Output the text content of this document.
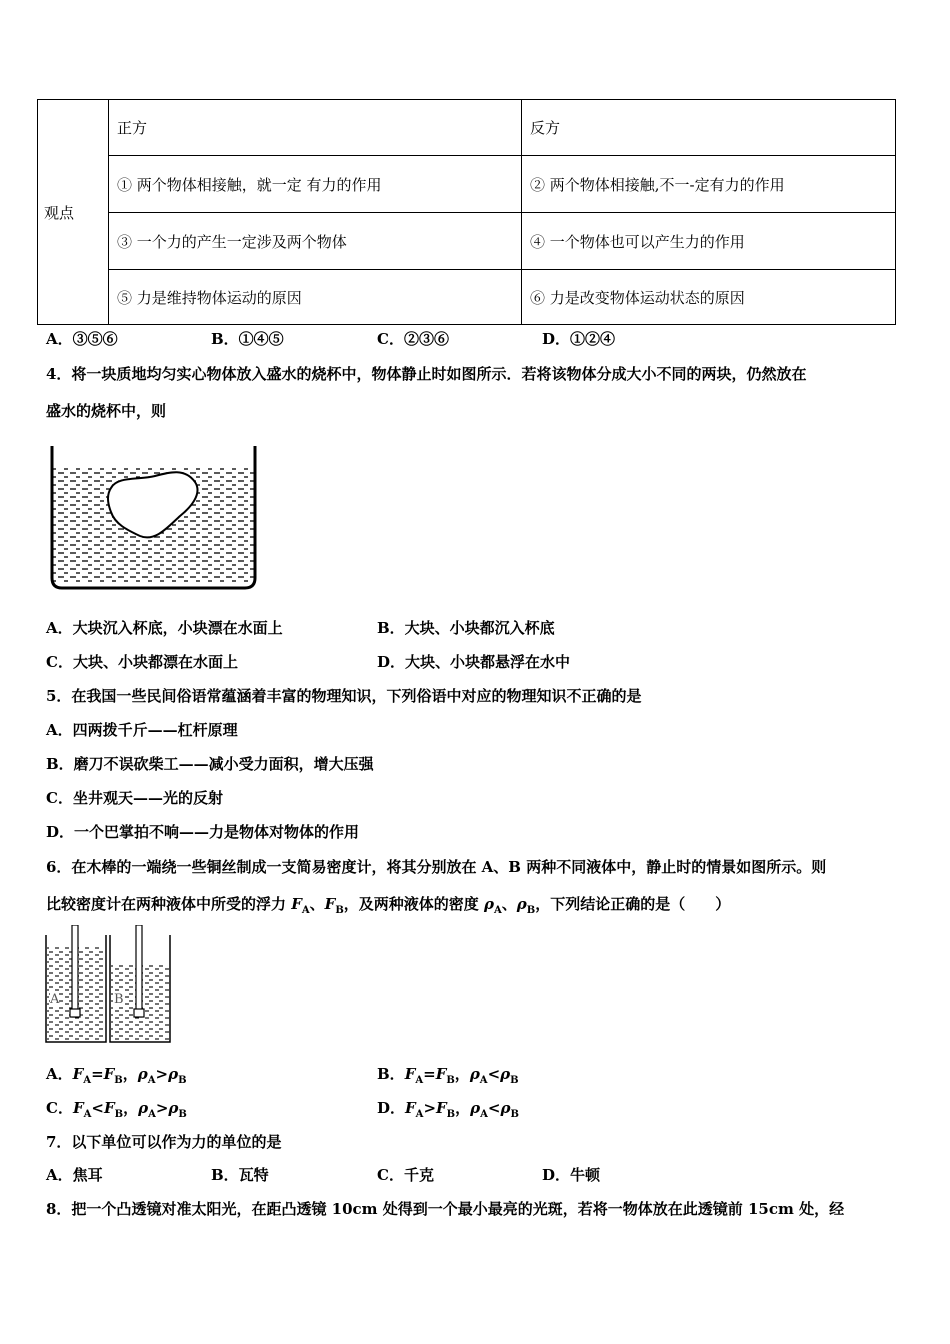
观点	正方	反方
	① 两个物体相接触，就一定 有力的作用	② 两个物体相接触,不一-定有力的作用
	③ 一个力的产生一定涉及两个物体	④ 一个物体也可以产生力的作用
	⑤ 力是维持物体运动的原因	⑥ 力是改变物体运动状态的原因
A．③⑤⑥	B．①④⑤	C．②③⑥	D．①②④
4．将一块质地均匀实心物体放入盛水的烧杯中，物体静止时如图所示．若将该物体分成大小不同的两块，仍然放在
盛水的烧杯中，则
A．大块沉入杯底，小块漂在水面上	B．大块、小块都沉入杯底
C．大块、小块都漂在水面上	D．大块、小块都悬浮在水中
5．在我国一些民间俗语常蕴涵着丰富的物理知识，下列俗语中对应的物理知识不正确的是
A．四两拨千斤——杠杆原理
B．磨刀不误砍柴工——减小受力面积，增大压强
C．坐井观天——光的反射
D．一个巴掌拍不响——力是物体对物体的作用
6．在木棒的一端绕一些铜丝制成一支简易密度计，将其分别放在 A、B 两种不同液体中，静止时的情景如图所示。则
比较密度计在两种液体中所受的浮力 $F_A$、$F_B$，及两种液体的密度 $\rho_A$、$\rho_B$，下列结论正确的是（　　）
A	B
A．$F_A=F_B$，$\rho_A>\rho_B$	B．$F_A=F_B$，$\rho_A<\rho_B$
C．$F_A<F_B$，$\rho_A>\rho_B$	D．$F_A>F_B$，$\rho_A<\rho_B$
7．以下单位可以作为力的单位的是
A．焦耳	B．瓦特	C．千克	D．牛顿
8．把一个凸透镜对准太阳光，在距凸透镜 10cm 处得到一个最小最亮的光斑，若将一物体放在此透镜前 15cm 处，经
